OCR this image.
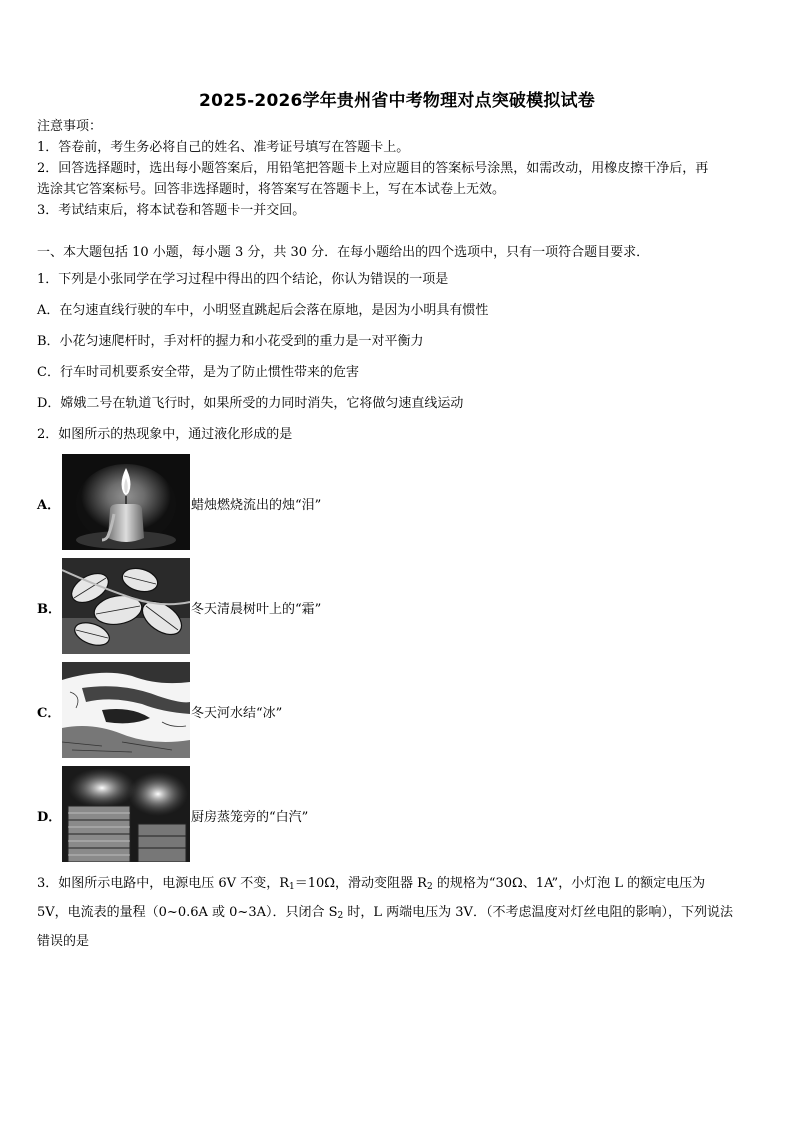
2025-2026学年贵州省中考物理对点突破模拟试卷
注意事项：
1．答卷前，考生务必将自己的姓名、准考证号填写在答题卡上。
2．回答选择题时，选出每小题答案后，用铅笔把答题卡上对应题目的答案标号涂黑，如需改动，用橡皮擦干净后，再
选涂其它答案标号。回答非选择题时，将答案写在答题卡上，写在本试卷上无效。
3．考试结束后，将本试卷和答题卡一并交回。
一、本大题包括 10 小题，每小题 3 分，共 30 分．在每小题给出的四个选项中，只有一项符合题目要求．
1．下列是小张同学在学习过程中得出的四个结论，你认为错误的一项是
A．在匀速直线行驶的车中，小明竖直跳起后会落在原地，是因为小明具有惯性
B．小花匀速爬杆时，手对杆的握力和小花受到的重力是一对平衡力
C．行车时司机要系安全带，是为了防止惯性带来的危害
D．嫦娥二号在轨道飞行时，如果所受的力同时消失，它将做匀速直线运动
2．如图所示的热现象中，通过液化形成的是
A．	蜡烛燃烧流出的烛“泪”
B．	冬天清晨树叶上的“霜”
C．	冬天河水结“冰”
D．	厨房蒸笼旁的“白汽”
3．如图所示电路中，电源电压 6V 不变，$R_1=10\Omega$，滑动变阻器 $R_2$ 的规格为“30Ω、1A”，小灯泡 L 的额定电压为
5V，电流表的量程（0~0.6A 或 0~3A）．只闭合 $S_2$ 时，L 两端电压为 3V．（不考虑温度对灯丝电阻的影响），下列说法
错误的是
